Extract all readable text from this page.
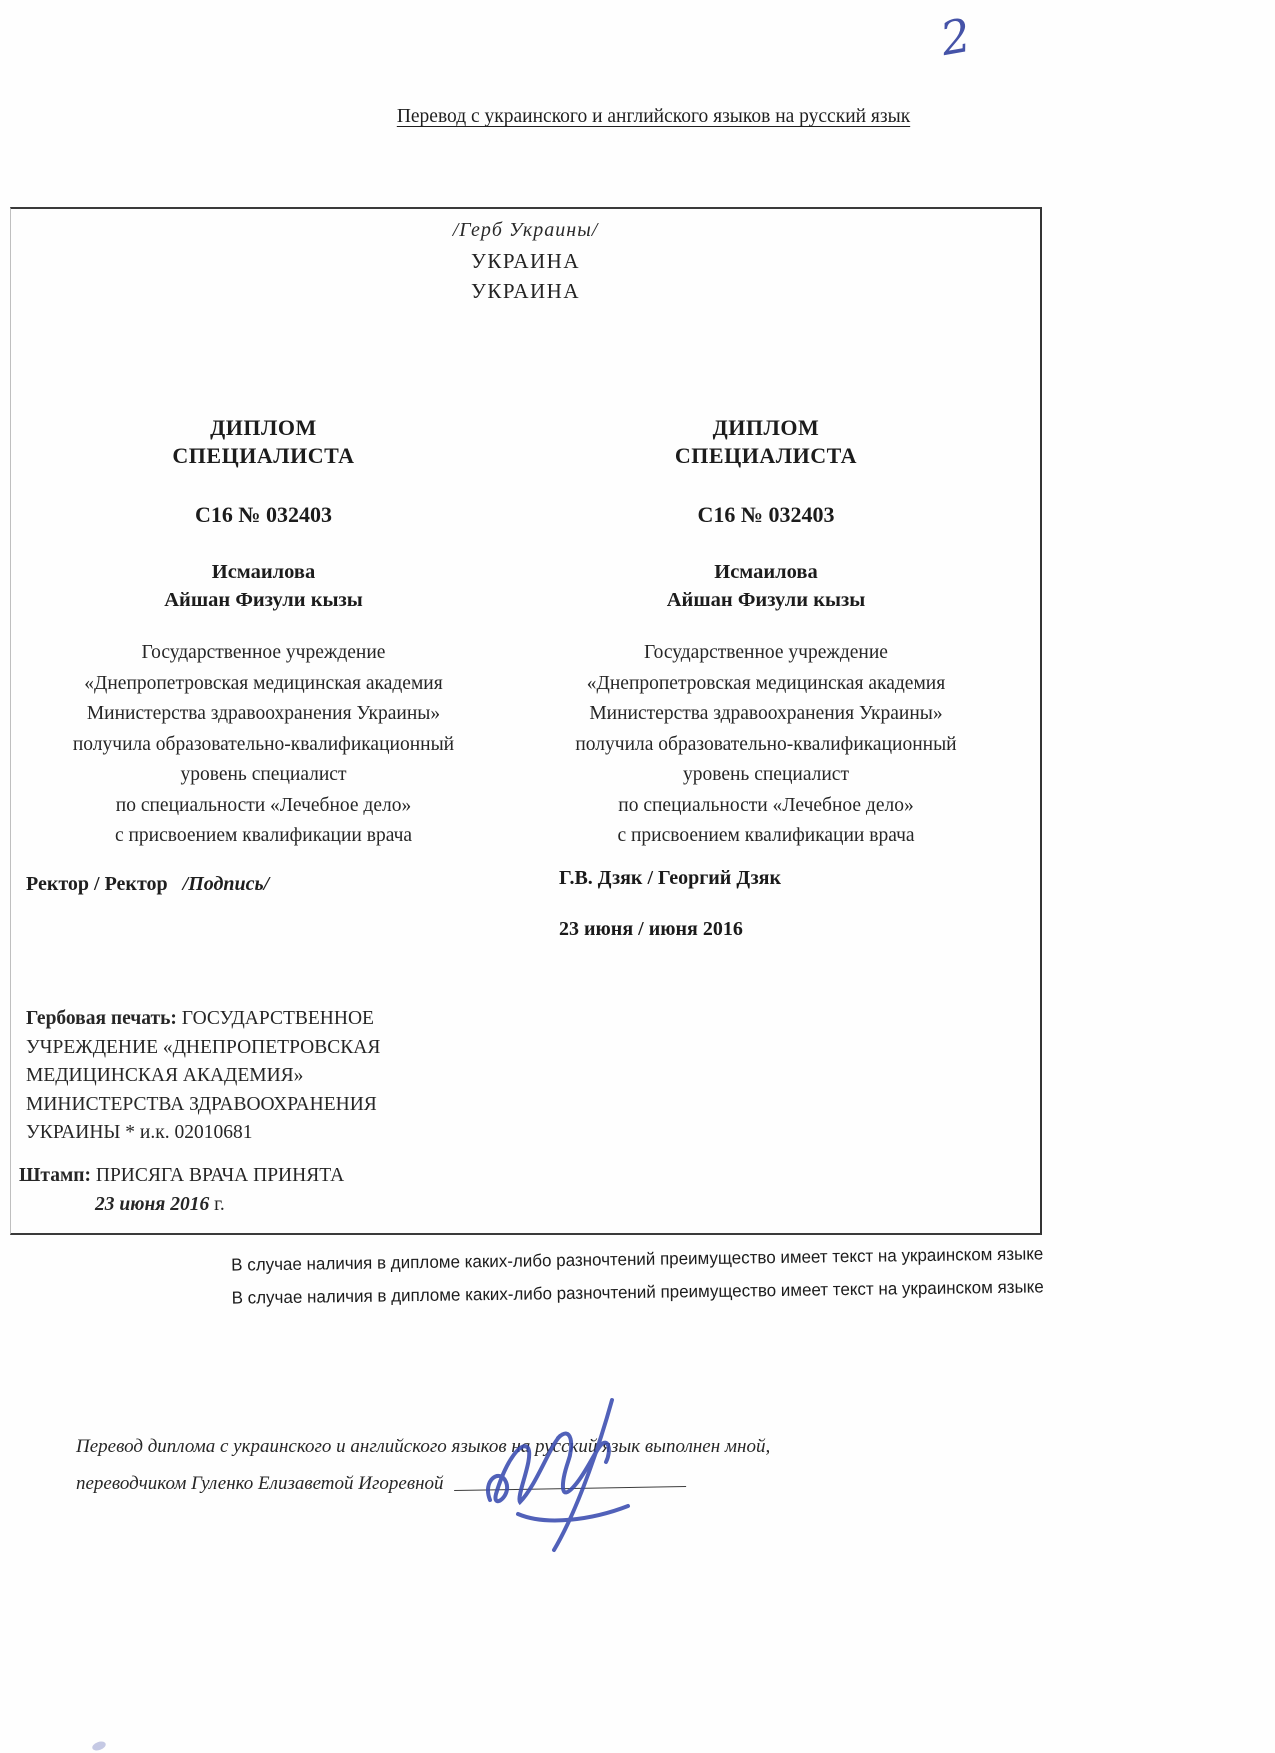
2
Перевод с украинского и английского языков на русский язык
/Герб Украины/
УКРАИНА
УКРАИНА
ДИПЛОМ
СПЕЦИАЛИСТА
С16 № 032403
Исмаилова
Айшан Физули кызы
Государственное учреждение
«Днепропетровская медицинская академия
Министерства здравоохранения Украины»
получила образовательно-квалификационный
уровень специалист
по специальности «Лечебное дело»
с присвоением квалификации врача
ДИПЛОМ
СПЕЦИАЛИСТА
С16 № 032403
Исмаилова
Айшан Физули кызы
Государственное учреждение
«Днепропетровская медицинская академия
Министерства здравоохранения Украины»
получила образовательно-квалификационный
уровень специалист
по специальности «Лечебное дело»
с присвоением квалификации врача
Ректор / Ректор /Подпись/	Г.В. Дзяк / Георгий Дзяк
23 июня / июня 2016
Гербовая печать: ГОСУДАРСТВЕННОЕ УЧРЕЖДЕНИЕ «ДНЕПРОПЕТРОВСКАЯ МЕДИЦИНСКАЯ АКАДЕМИЯ» МИНИСТЕРСТВА ЗДРАВООХРАНЕНИЯ УКРАИНЫ * и.к. 02010681
Штамп: ПРИСЯГА ВРАЧА ПРИНЯТА
23 июня 2016 г.
В случае наличия в дипломе каких-либо разночтений преимущество имеет текст на украинском языке
В случае наличия в дипломе каких-либо разночтений преимущество имеет текст на украинском языке
Перевод диплома с украинского и английского языков на русский язык выполнен мной,
переводчиком Гуленко Елизаветой Игоревной
